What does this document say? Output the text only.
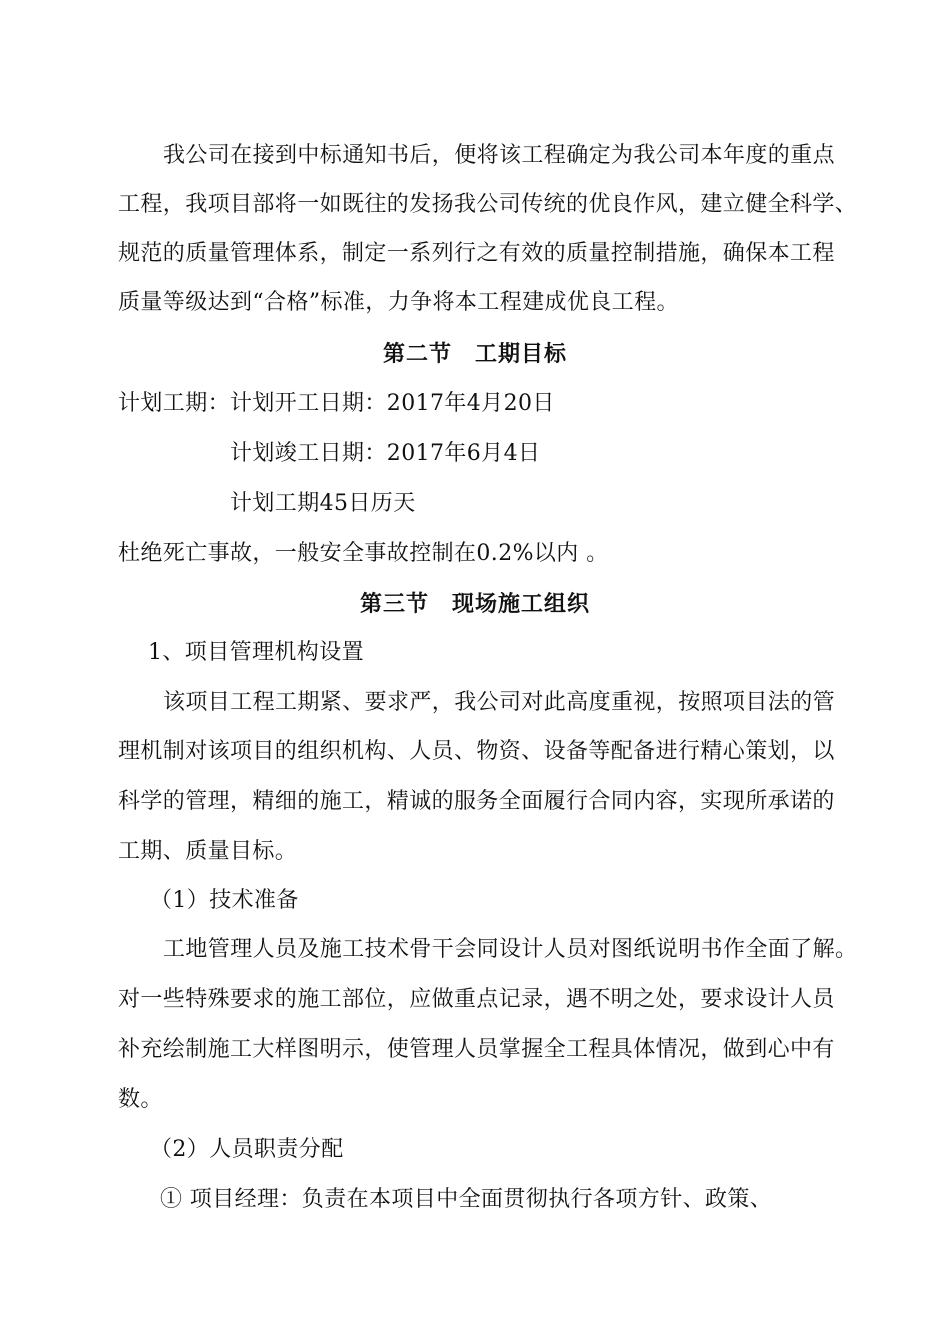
我公司在接到中标通知书后，便将该工程确定为我公司本年度的重点
工程，我项目部将一如既往的发扬我公司传统的优良作风，建立健全科学、
规范的质量管理体系，制定一系列行之有效的质量控制措施，确保本工程
质量等级达到“合格”标准，力争将本工程建成优良工程。
第二节　工期目标
计划工期：计划开工日期：2017年4月20日
计划竣工日期：2017年6月4日
计划工期45日历天
杜绝死亡事故，一般安全事故控制在0.2%以内 。
第三节　现场施工组织
1、项目管理机构设置
该项目工程工期紧、要求严，我公司对此高度重视，按照项目法的管
理机制对该项目的组织机构、人员、物资、设备等配备进行精心策划，以
科学的管理，精细的施工，精诚的服务全面履行合同内容，实现所承诺的
工期、质量目标。
（1）技术准备
工地管理人员及施工技术骨干会同设计人员对图纸说明书作全面了解。
对一些特殊要求的施工部位，应做重点记录，遇不明之处，要求设计人员
补充绘制施工大样图明示，使管理人员掌握全工程具体情况，做到心中有
数。
（2）人员职责分配
① 项目经理：负责在本项目中全面贯彻执行各项方针、政策、
